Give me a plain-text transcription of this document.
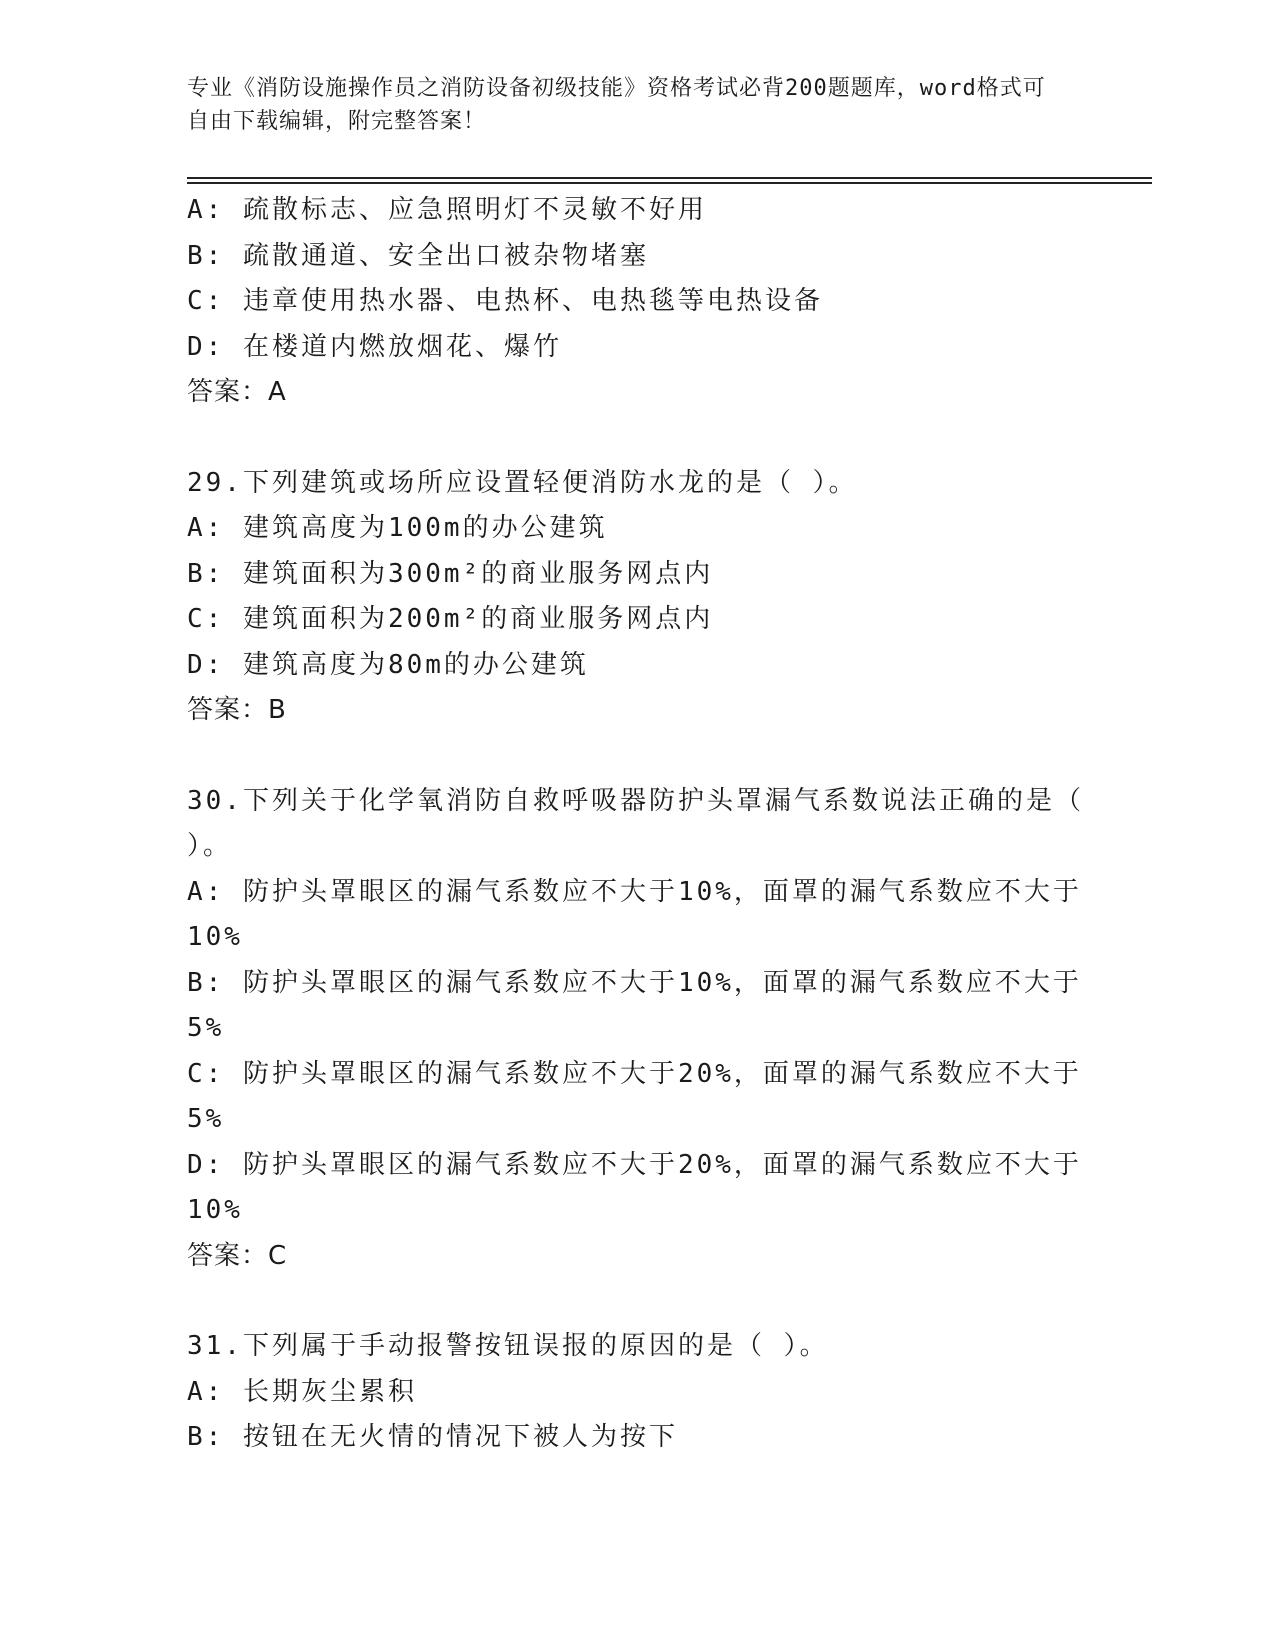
专业《消防设施操作员之消防设备初级技能》资格考试必背200题题库，word格式可自由下载编辑，附完整答案！
A: 疏散标志、应急照明灯不灵敏不好用
B: 疏散通道、安全出口被杂物堵塞
C: 违章使用热水器、电热杯、电热毯等电热设备
D: 在楼道内燃放烟花、爆竹
答案：A
29.下列建筑或场所应设置轻便消防水龙的是（ ）。
A: 建筑高度为100m的办公建筑
B: 建筑面积为300m²的商业服务网点内
C: 建筑面积为200m²的商业服务网点内
D: 建筑高度为80m的办公建筑
答案：B
30.下列关于化学氧消防自救呼吸器防护头罩漏气系数说法正确的是（ ）。
A: 防护头罩眼区的漏气系数应不大于10%，面罩的漏气系数应不大于10%
B: 防护头罩眼区的漏气系数应不大于10%，面罩的漏气系数应不大于5%
C: 防护头罩眼区的漏气系数应不大于20%，面罩的漏气系数应不大于5%
D: 防护头罩眼区的漏气系数应不大于20%，面罩的漏气系数应不大于10%
答案：C
31.下列属于手动报警按钮误报的原因的是（ ）。
A: 长期灰尘累积
B: 按钮在无火情的情况下被人为按下
